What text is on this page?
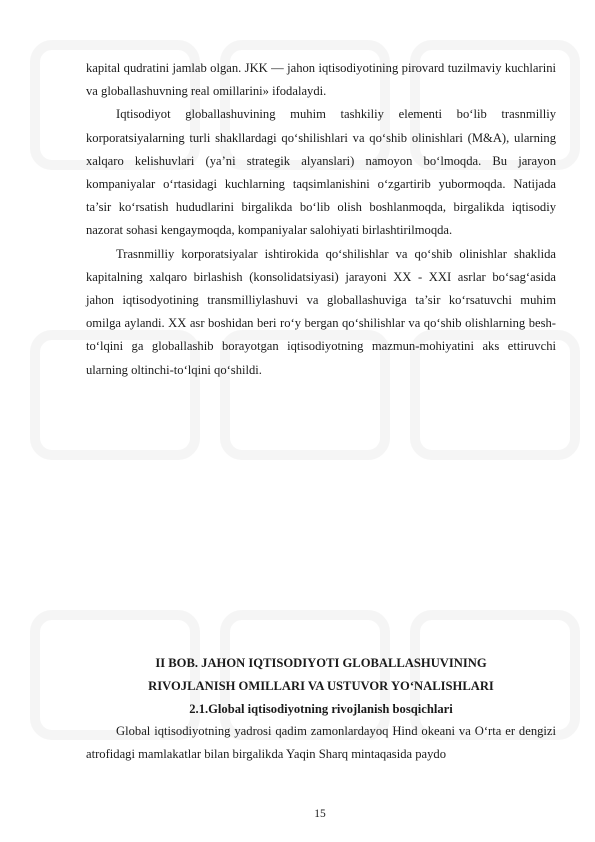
kapital qudratini jamlab olgan. JKK — jahon iqtisodiyotining pirovard tuzilmaviy kuchlarini va globallashuvning real omillarini» ifodalaydi.

Iqtisodiyot globallashuvining muhim tashkiliy elementi bo‘lib trasnmilliy korporatsiyalarning turli shakllardagi qo‘shilishlari va qo‘shib olinishlari (M&A), ularning xalqaro kelishuvlari (ya’ni strategik alyanslari) namoyon bo‘lmoqda. Bu jarayon kompaniyalar o‘rtasidagi kuchlarning taqsimlanishini o‘zgartirib yubormoqda. Natijada ta’sir ko‘rsatish hududlarini birgalikda bo‘lib olish boshlanmoqda, birgalikda iqtisodiy nazorat sohasi kengaymoqda, kompaniyalar salohiyati birlashtirilmoqda.

Trasnmilliy korporatsiyalar ishtirokida qo‘shilishlar va qo‘shib olinishlar shaklida kapitalning xalqaro birlashish (konsolidatsiyasi) jarayoni XX - XXI asrlar bo‘sag‘asida jahon iqtisodyotining transmilliylashuvi va globallashuviga ta’sir ko‘rsatuvchi muhim omilga aylandi. XX asr boshidan beri ro‘y bergan qo‘shilishlar va qo‘shib olishlarning besh-to‘lqini ga globallashib borayotgan iqtisodiyotning mazmun-mohiyatini aks ettiruvchi ularning oltinchi-to‘lqini qo‘shildi.

II BOB. JAHON IQTISODIYOTI GLOBALLASHUVINING
RIVOJLANISH OMILLARI VA USTUVOR YO‘NALISHLARI

2.1.Global iqtisodiyotning rivojlanish bosqichlari

Global iqtisodiyotning yadrosi qadim zamonlardayoq Hind okeani va O‘rta er dengizi atrofidagi mamlakatlar bilan birgalikda Yaqin Sharq mintaqasida paydo

15
